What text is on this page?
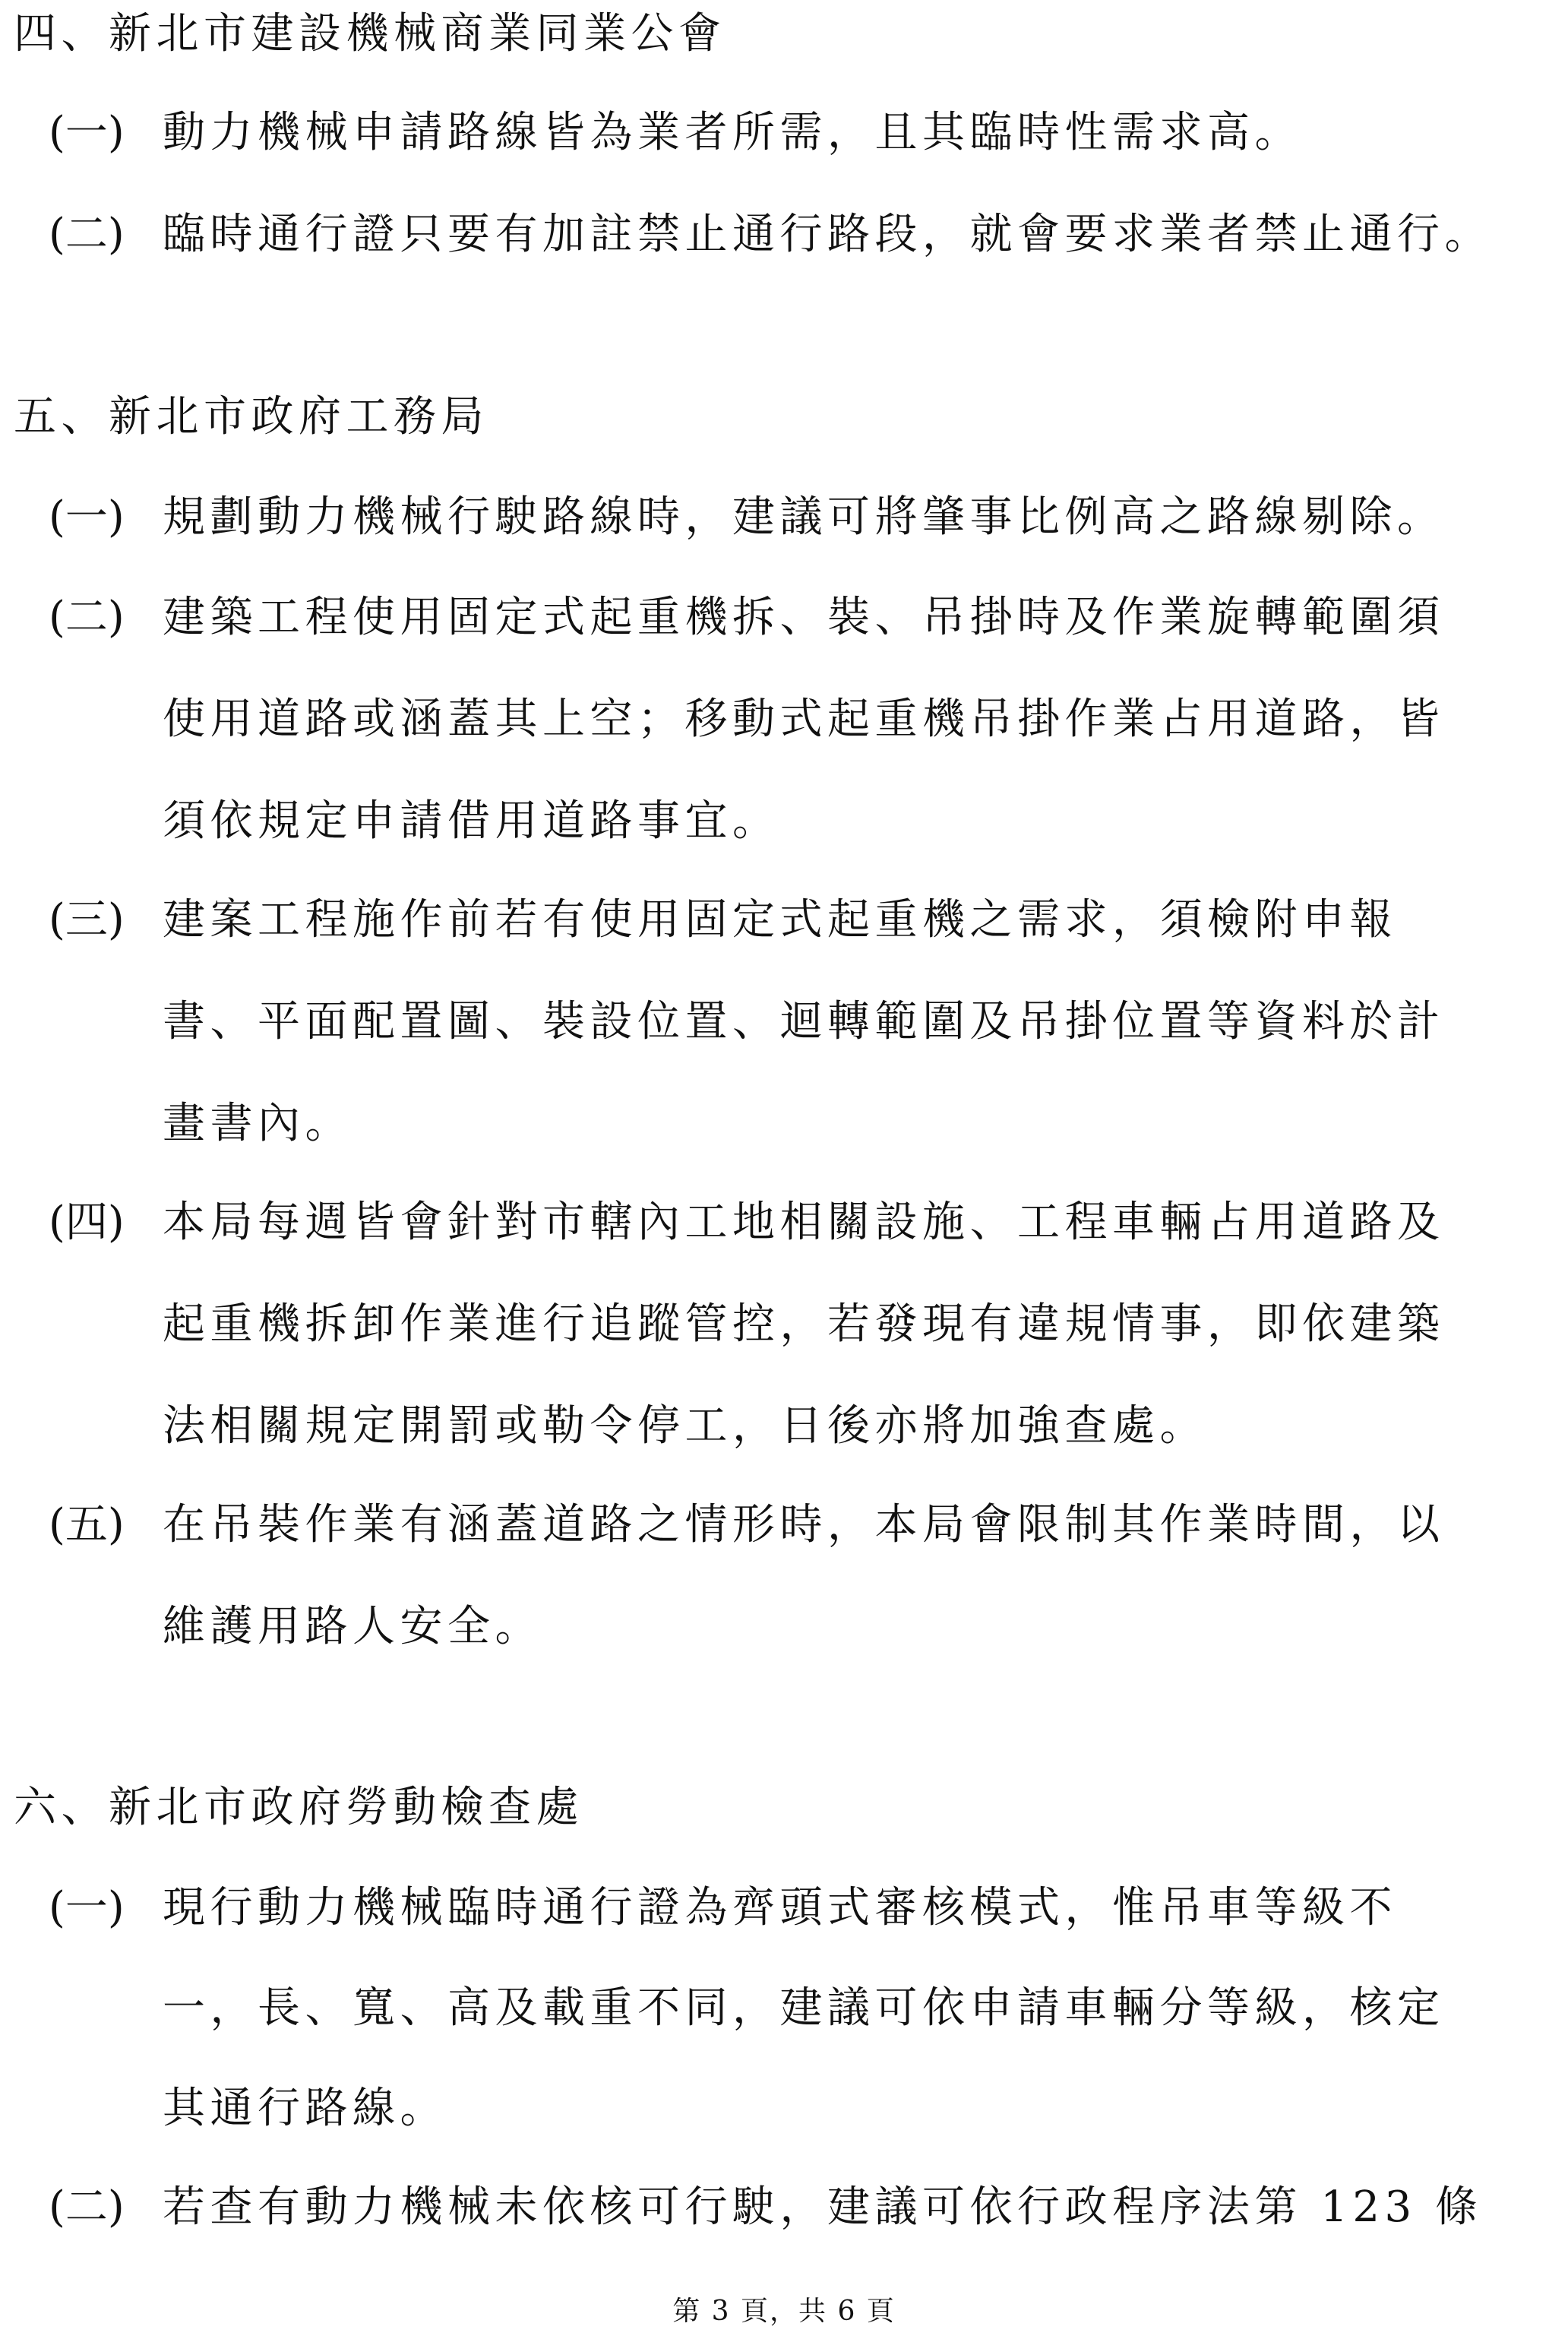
四、新北市建設機械商業同業公會
(一) 動力機械申請路線皆為業者所需，且其臨時性需求高。
(二) 臨時通行證只要有加註禁止通行路段，就會要求業者禁止通行。
五、新北市政府工務局
(一) 規劃動力機械行駛路線時，建議可將肇事比例高之路線剔除。
(二) 建築工程使用固定式起重機拆、裝、吊掛時及作業旋轉範圍須
使用道路或涵蓋其上空；移動式起重機吊掛作業占用道路，皆
須依規定申請借用道路事宜。
(三) 建案工程施作前若有使用固定式起重機之需求，須檢附申報
書、平面配置圖、裝設位置、迴轉範圍及吊掛位置等資料於計
畫書內。
(四) 本局每週皆會針對市轄內工地相關設施、工程車輛占用道路及
起重機拆卸作業進行追蹤管控，若發現有違規情事，即依建築
法相關規定開罰或勒令停工，日後亦將加強查處。
(五) 在吊裝作業有涵蓋道路之情形時，本局會限制其作業時間，以
維護用路人安全。
六、新北市政府勞動檢查處
(一) 現行動力機械臨時通行證為齊頭式審核模式，惟吊車等級不
一，長、寬、高及載重不同，建議可依申請車輛分等級，核定
其通行路線。
(二) 若查有動力機械未依核可行駛，建議可依行政程序法第 123 條
第 3 頁，共 6 頁
